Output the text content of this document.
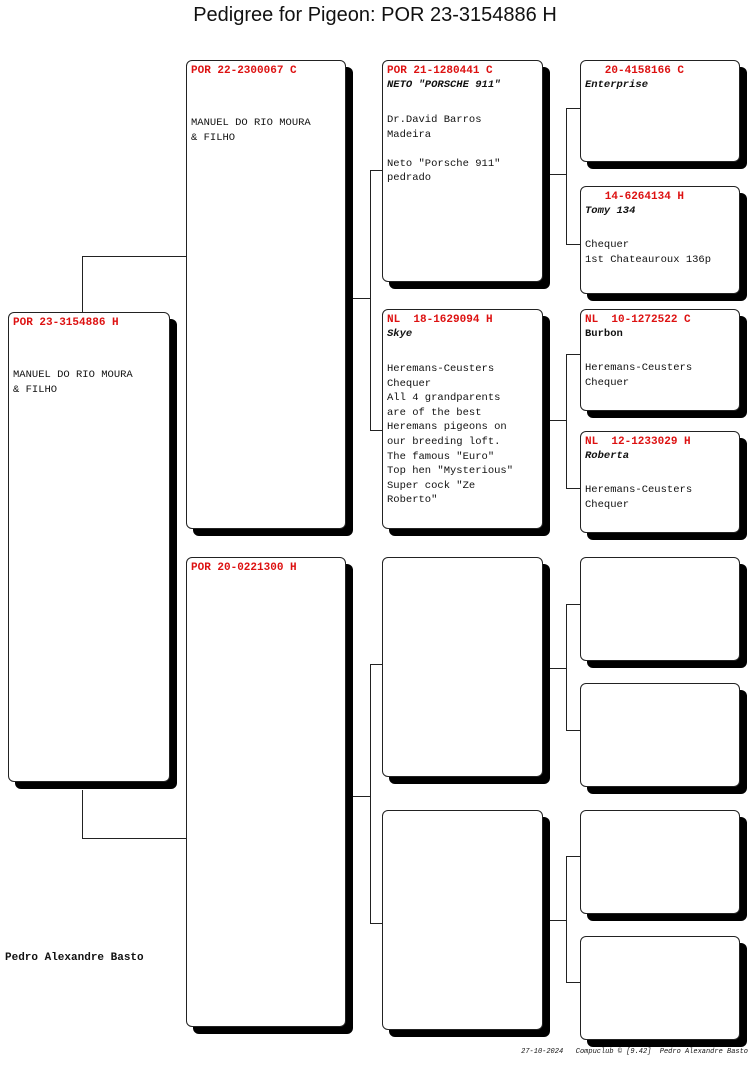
Pedigree for Pigeon: POR 23-3154886 H
POR 23-3154886 H
MANUEL DO RIO MOURA
& FILHO
POR 22-2300067 C
MANUEL DO RIO MOURA
& FILHO
POR 20-0221300 H
POR 21-1280441 C
NETO "PORSCHE 911"
Dr.David Barros
Madeira

Neto "Porsche 911"
pedrado
NL  18-1629094 H
Skye
Heremans-Ceusters
Chequer
All 4 grandparents
are of the best
Heremans pigeons on
our breeding loft.
The famous "Euro"
Top hen "Mysterious"
Super cock "Ze
Roberto"
20-4158166 C
Enterprise
14-6264134 H
Tomy 134
Chequer
1st Chateauroux 136p
NL  10-1272522 C
Burbon
Heremans-Ceusters
Chequer
NL  12-1233029 H
Roberta
Heremans-Ceusters
Chequer
Pedro Alexandre Basto
27-10-2024   Compuclub © [9.42]  Pedro Alexandre Basto
